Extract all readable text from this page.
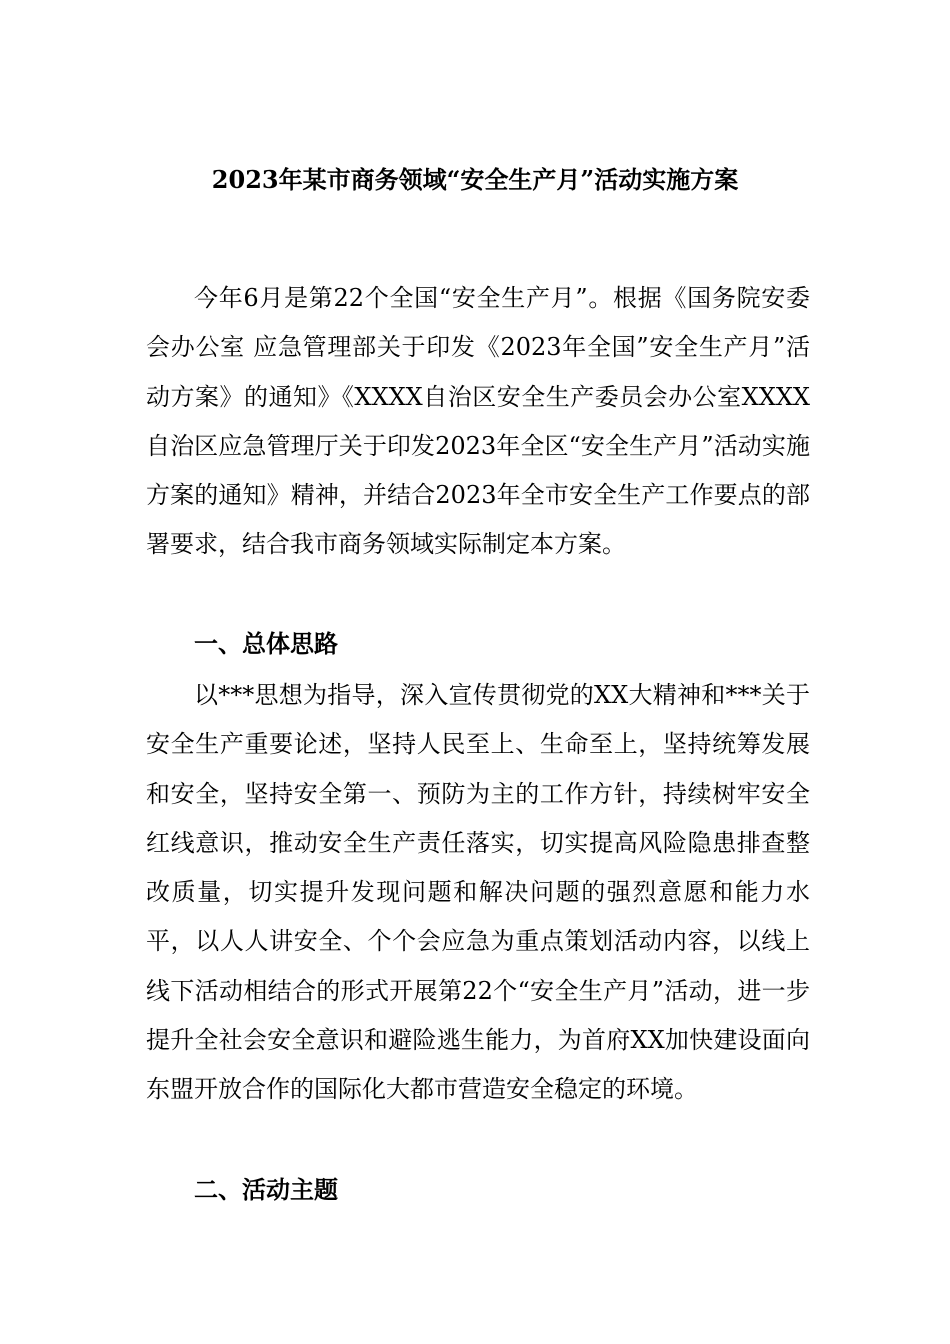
2023年某市商务领域“安全生产月”活动实施方案

今年6月是第22个全国“安全生产月”。根据《国务院安委会办公室 应急管理部关于印发《2023年全国”安全生产月”活动方案》的通知》《XXXX自治区安全生产委员会办公室XXXX自治区应急管理厅关于印发2023年全区“安全生产月”活动实施方案的通知》精神，并结合2023年全市安全生产工作要点的部署要求，结合我市商务领域实际制定本方案。

一、总体思路

以***思想为指导，深入宣传贯彻党的XX大精神和***关于安全生产重要论述，坚持人民至上、生命至上，坚持统筹发展和安全，坚持安全第一、预防为主的工作方针，持续树牢安全红线意识，推动安全生产责任落实，切实提高风险隐患排查整改质量，切实提升发现问题和解决问题的强烈意愿和能力水平，以人人讲安全、个个会应急为重点策划活动内容，以线上线下活动相结合的形式开展第22个“安全生产月”活动，进一步提升全社会安全意识和避险逃生能力，为首府XX加快建设面向东盟开放合作的国际化大都市营造安全稳定的环境。

二、活动主题
